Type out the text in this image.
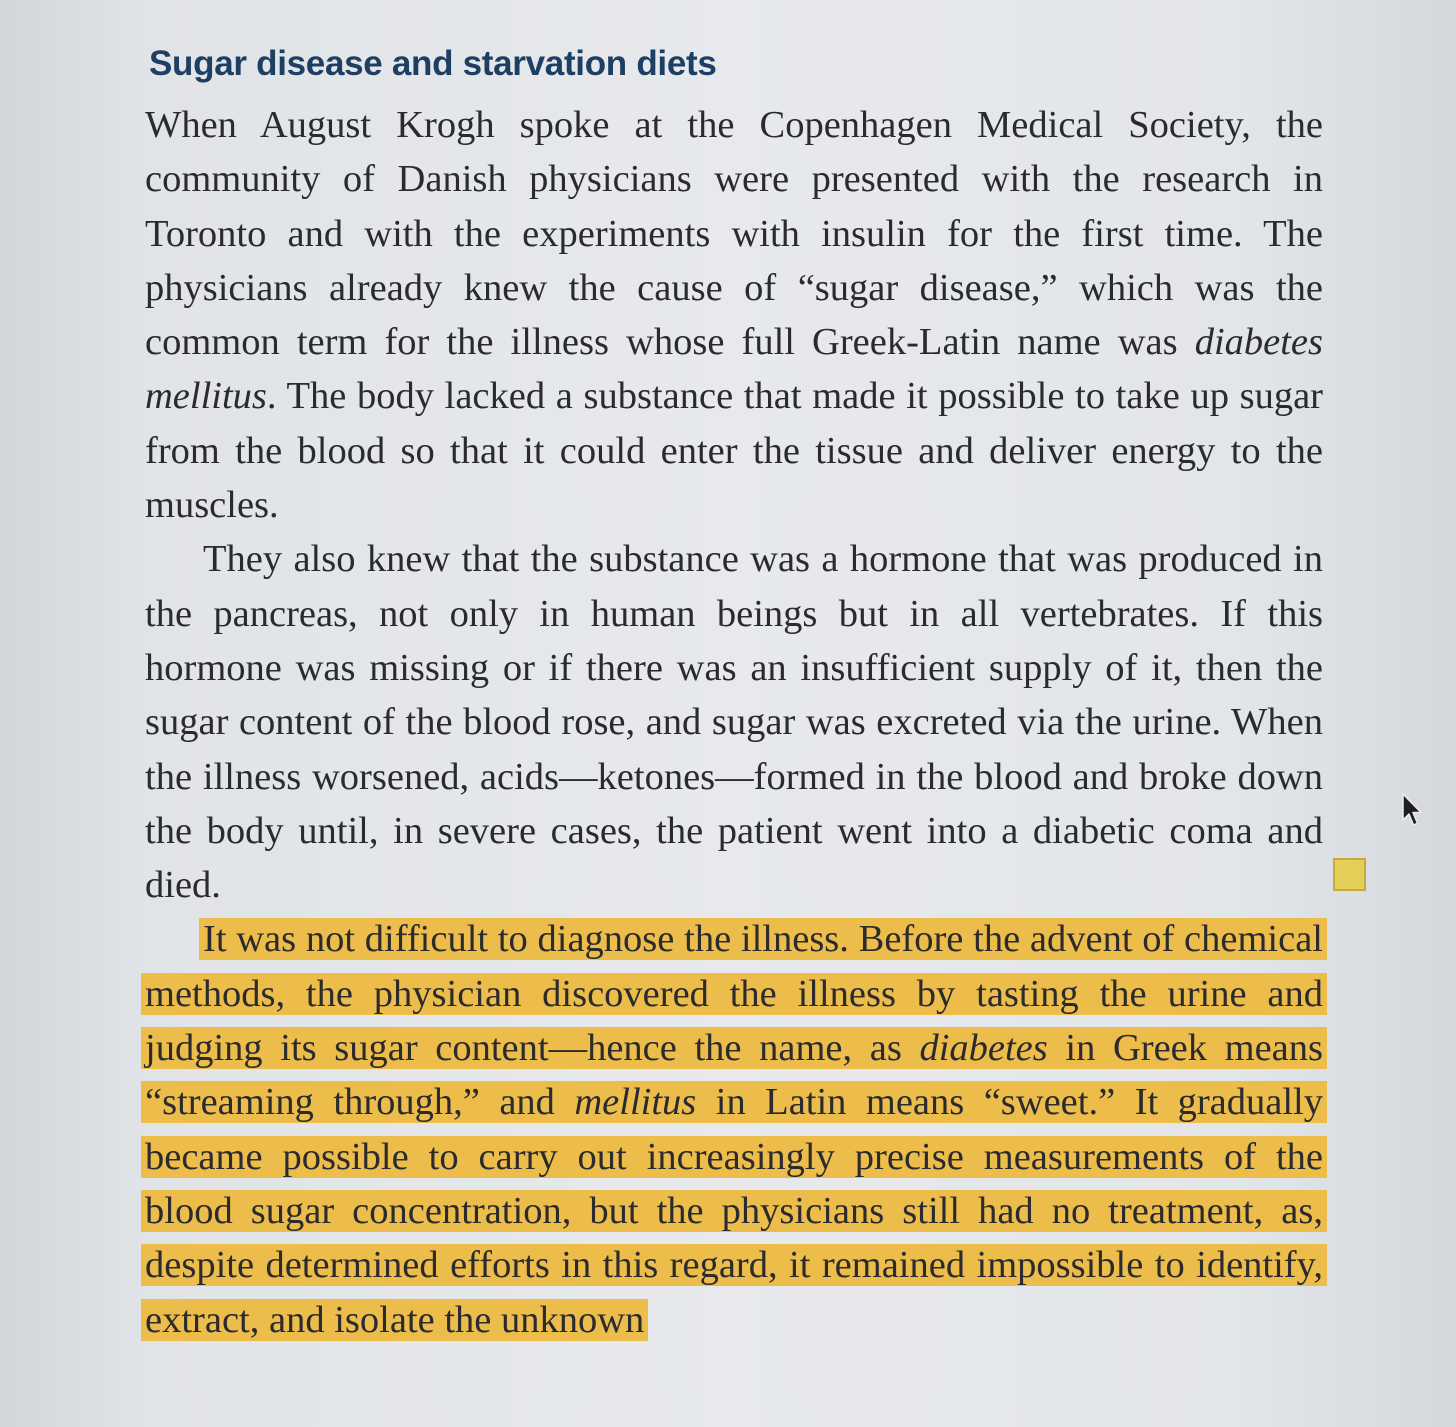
Sugar disease and starvation diets

When August Krogh spoke at the Copenhagen Medical Society, the community of Danish physicians were presented with the research in Toronto and with the experiments with insulin for the first time. The physicians already knew the cause of “sugar disease,” which was the common term for the illness whose full Greek-Latin name was diabetes mellitus. The body lacked a substance that made it possible to take up sugar from the blood so that it could enter the tissue and deliver energy to the muscles.

They also knew that the substance was a hormone that was produced in the pancreas, not only in human beings but in all vertebrates. If this hormone was missing or if there was an insufficient supply of it, then the sugar content of the blood rose, and sugar was excreted via the urine. When the illness worsened, acids—ketones—formed in the blood and broke down the body until, in severe cases, the patient went into a diabetic coma and died.

It was not difficult to diagnose the illness. Before the advent of chemical methods, the physician discovered the illness by tasting the urine and judging its sugar content—hence the name, as diabetes in Greek means “streaming through,” and mellitus in Latin means “sweet.” It gradually became possible to carry out increasingly precise measurements of the blood sugar concentration, but the physicians still had no treatment, as, despite determined efforts in this regard, it remained impossible to identify, extract, and isolate the unknown
